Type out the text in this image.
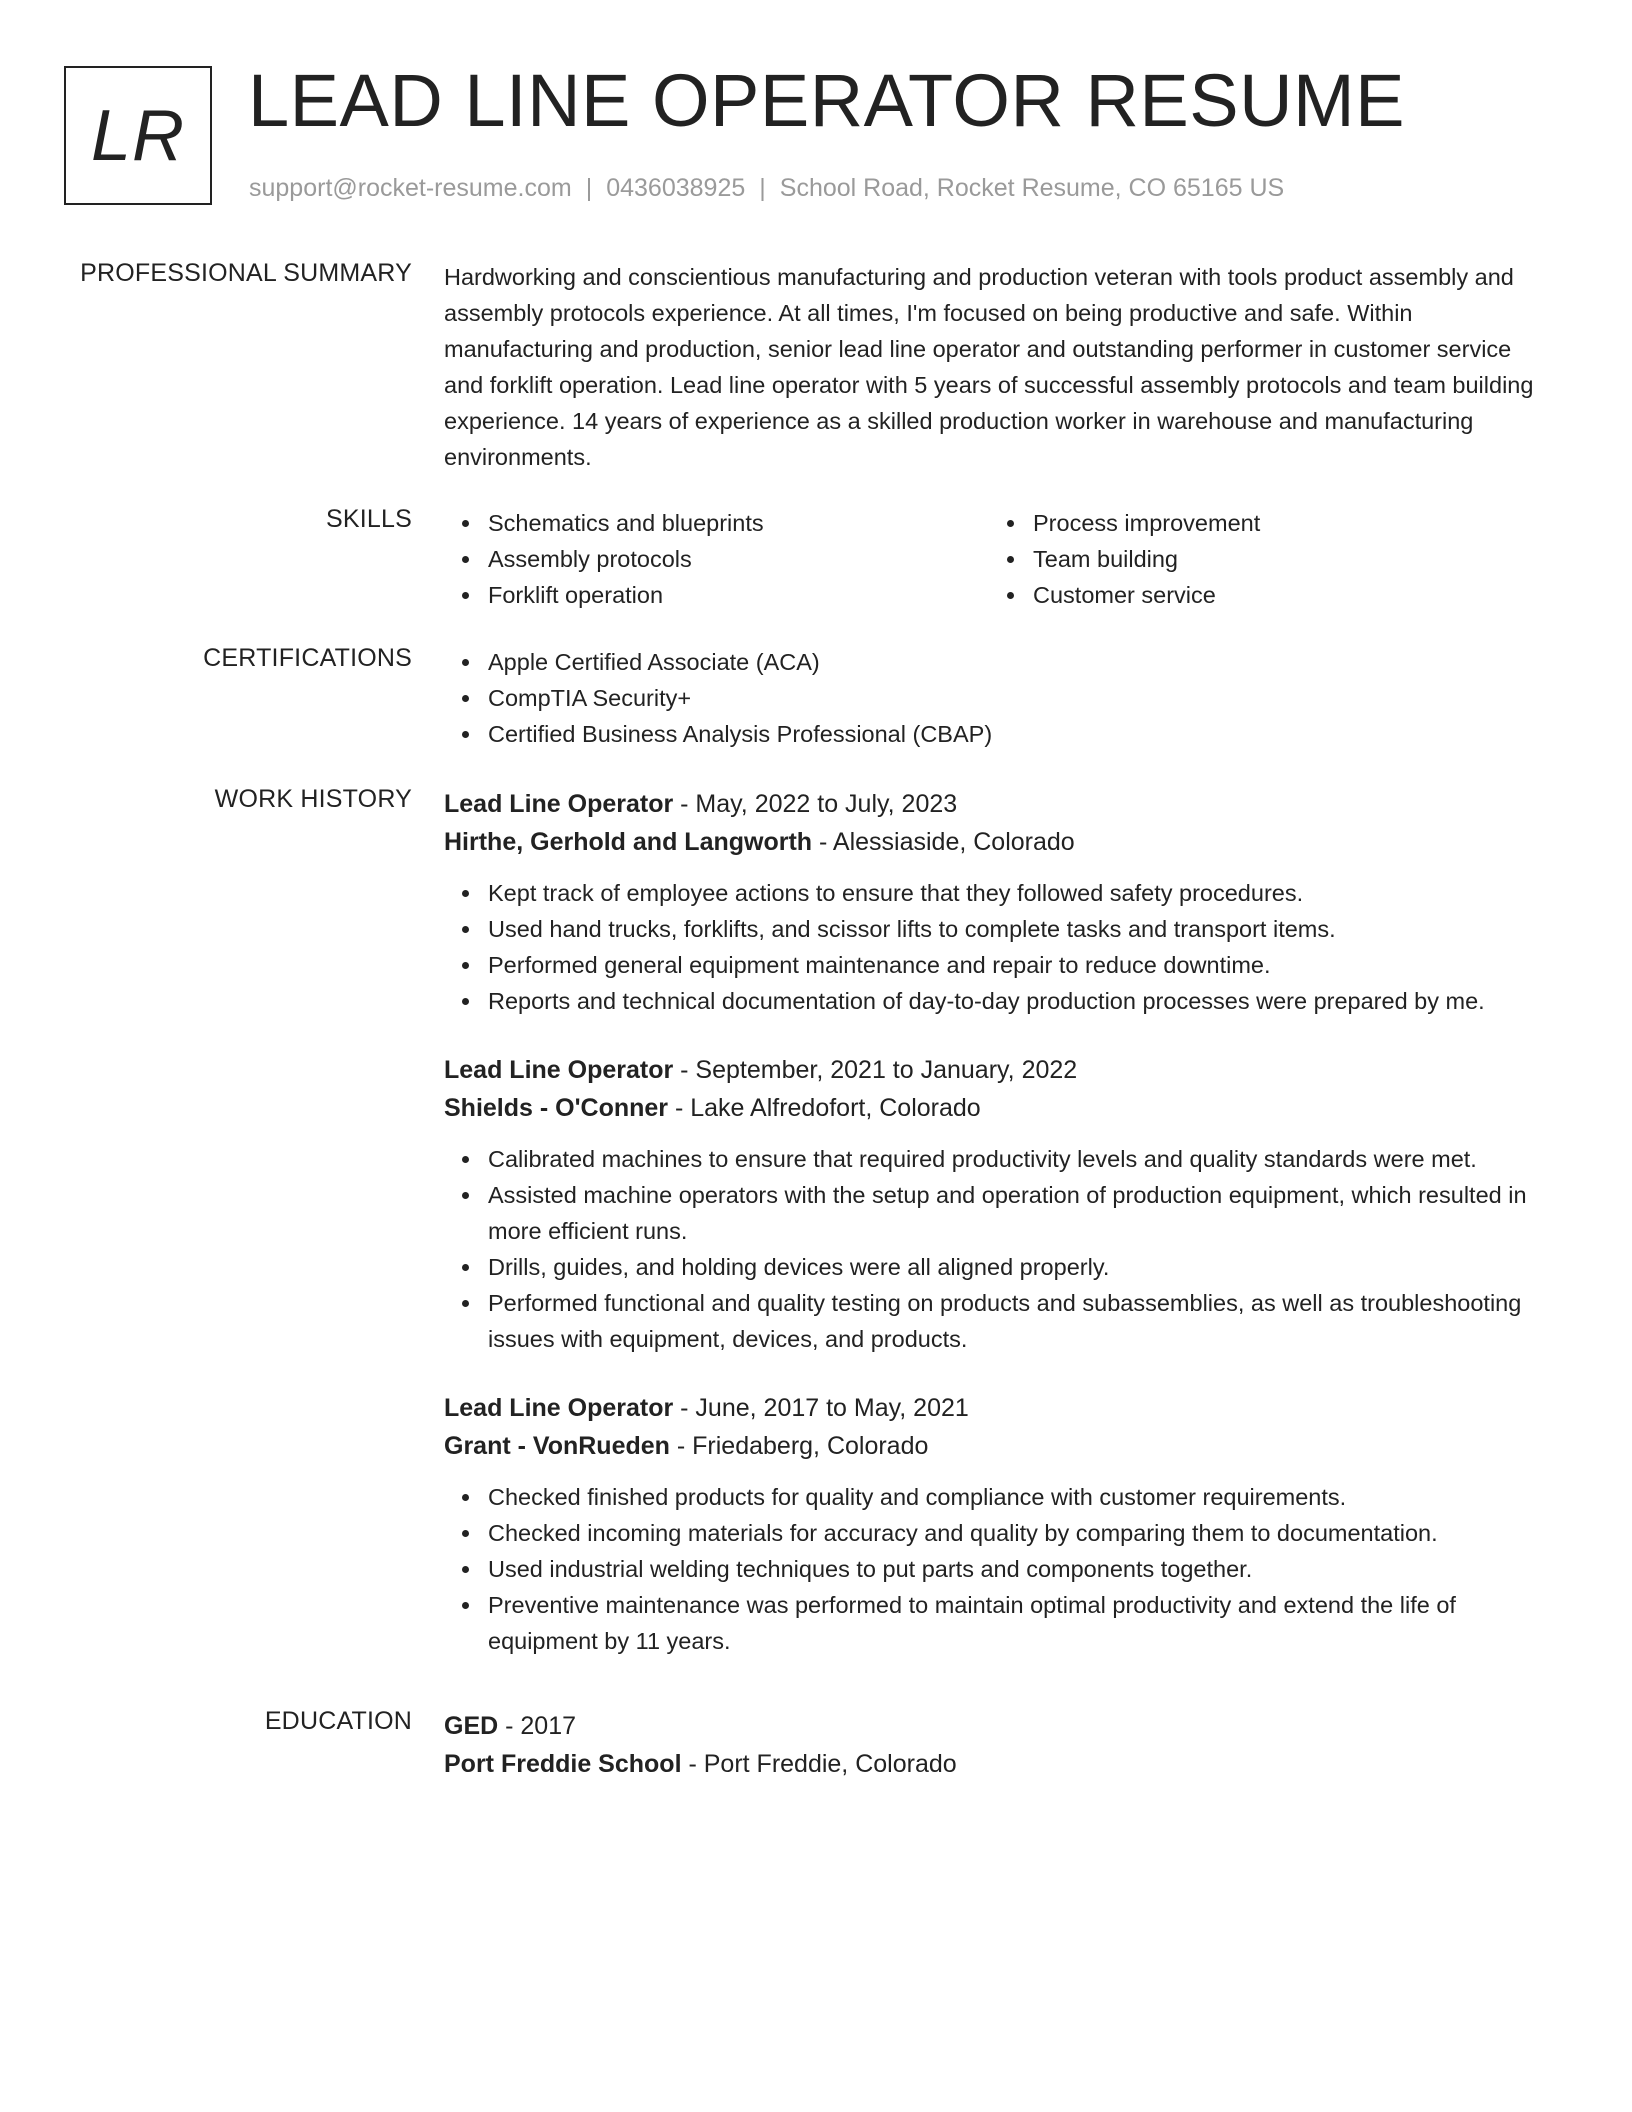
LR LEAD LINE OPERATOR RESUME
support@rocket-resume.com | 0436038925 | School Road, Rocket Resume, CO 65165 US
PROFESSIONAL SUMMARY Hardworking and conscientious manufacturing and production veteran with tools product assembly and assembly protocols experience. At all times, I'm focused on being productive and safe. Within manufacturing and production, senior lead line operator and outstanding performer in customer service and forklift operation. Lead line operator with 5 years of successful assembly protocols and team building experience. 14 years of experience as a skilled production worker in warehouse and manufacturing environments.

SKILLS	Schematics and blueprints
Assembly protocols
Forklift operation
Process improvement
Team building
Customer service
CERTIFICATIONS	Apple Certified Associate (ACA)
CompTIA Security+
Certified Business Analysis Professional (CBAP)
WORK HISTORY Lead Line Operator - May, 2022 to July, 2023
Hirthe, Gerhold and Langworth - Alessiaside, Colorado
Kept track of employee actions to ensure that they followed safety procedures.
Used hand trucks, forklifts, and scissor lifts to complete tasks and transport items.
Performed general equipment maintenance and repair to reduce downtime.
Reports and technical documentation of day-to-day production processes were prepared by me.
Lead Line Operator - September, 2021 to January, 2022
Shields - O'Conner - Lake Alfredofort, Colorado
Calibrated machines to ensure that required productivity levels and quality standards were met.
Assisted machine operators with the setup and operation of production equipment, which resulted in more efficient runs.
Drills, guides, and holding devices were all aligned properly.
Performed functional and quality testing on products and subassemblies, as well as troubleshooting issues with equipment, devices, and products.
Lead Line Operator - June, 2017 to May, 2021
Grant - VonRueden - Friedaberg, Colorado
Checked finished products for quality and compliance with customer requirements.
Checked incoming materials for accuracy and quality by comparing them to documentation.
Used industrial welding techniques to put parts and components together.
Preventive maintenance was performed to maintain optimal productivity and extend the life of equipment by 11 years.
EDUCATION GED - 2017
Port Freddie School - Port Freddie, Colorado
